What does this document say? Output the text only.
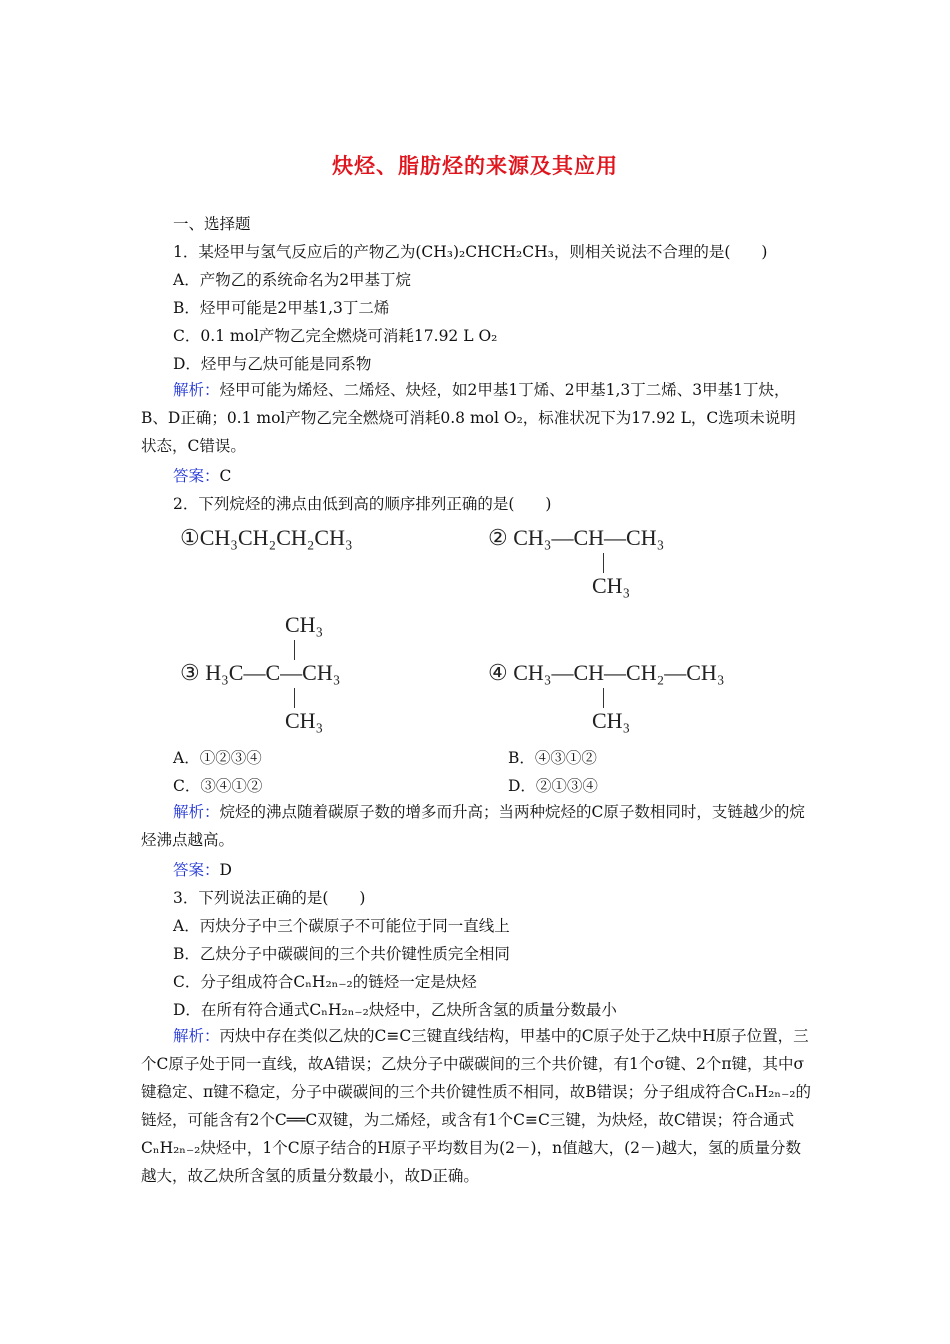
炔烃、脂肪烃的来源及其应用
一、选择题
1．某烃甲与氢气反应后的产物乙为(CH₃)₂CHCH₂CH₃，则相关说法不合理的是(　　)
A．产物乙的系统命名为2甲基丁烷
B．烃甲可能是2甲基1,3丁二烯
C．0.1 mol产物乙完全燃烧可消耗17.92 L O₂
D．烃甲与乙炔可能是同系物
解析：烃甲可能为烯烃、二烯烃、炔烃，如2甲基1丁烯、2甲基1,3丁二烯、3甲基1丁炔，B、D正确；0.1 mol产物乙完全燃烧可消耗0.8 mol O₂，标准状况下为17.92 L，C选项未说明状态，C错误。
答案：C
2．下列烷烃的沸点由低到高的顺序排列正确的是(　　)
①CH₃CH₂CH₂CH₃	② CH₃—CH—CH₃
CH₃
CH₃
③ H₃C—C—CH₃
CH₃
④ CH₃—CH—CH₂—CH₃
CH₃
A．①②③④	B．④③①②
C．③④①②	D．②①③④
解析：烷烃的沸点随着碳原子数的增多而升高；当两种烷烃的C原子数相同时，支链越少的烷烃沸点越高。
答案：D
3．下列说法正确的是(　　)
A．丙炔分子中三个碳原子不可能位于同一直线上
B．乙炔分子中碳碳间的三个共价键性质完全相同
C．分子组成符合CₙH₂ₙ₋₂的链烃一定是炔烃
D．在所有符合通式CₙH₂ₙ₋₂炔烃中，乙炔所含氢的质量分数最小
解析：丙炔中存在类似乙炔的C≡C三键直线结构，甲基中的C原子处于乙炔中H原子位置，三个C原子处于同一直线，故A错误；乙炔分子中碳碳间的三个共价键，有1个σ键、2个π键，其中σ键稳定、π键不稳定，分子中碳碳间的三个共价键性质不相同，故B错误；分子组成符合CₙH₂ₙ₋₂的链烃，可能含有2个C══C双键，为二烯烃，或含有1个C≡C三键，为炔烃，故C错误；符合通式CₙH₂ₙ₋₂炔烃中，1个C原子结合的H原子平均数目为(2－)，n值越大，(2－)越大，氢的质量分数越大，故乙炔所含氢的质量分数最小，故D正确。
